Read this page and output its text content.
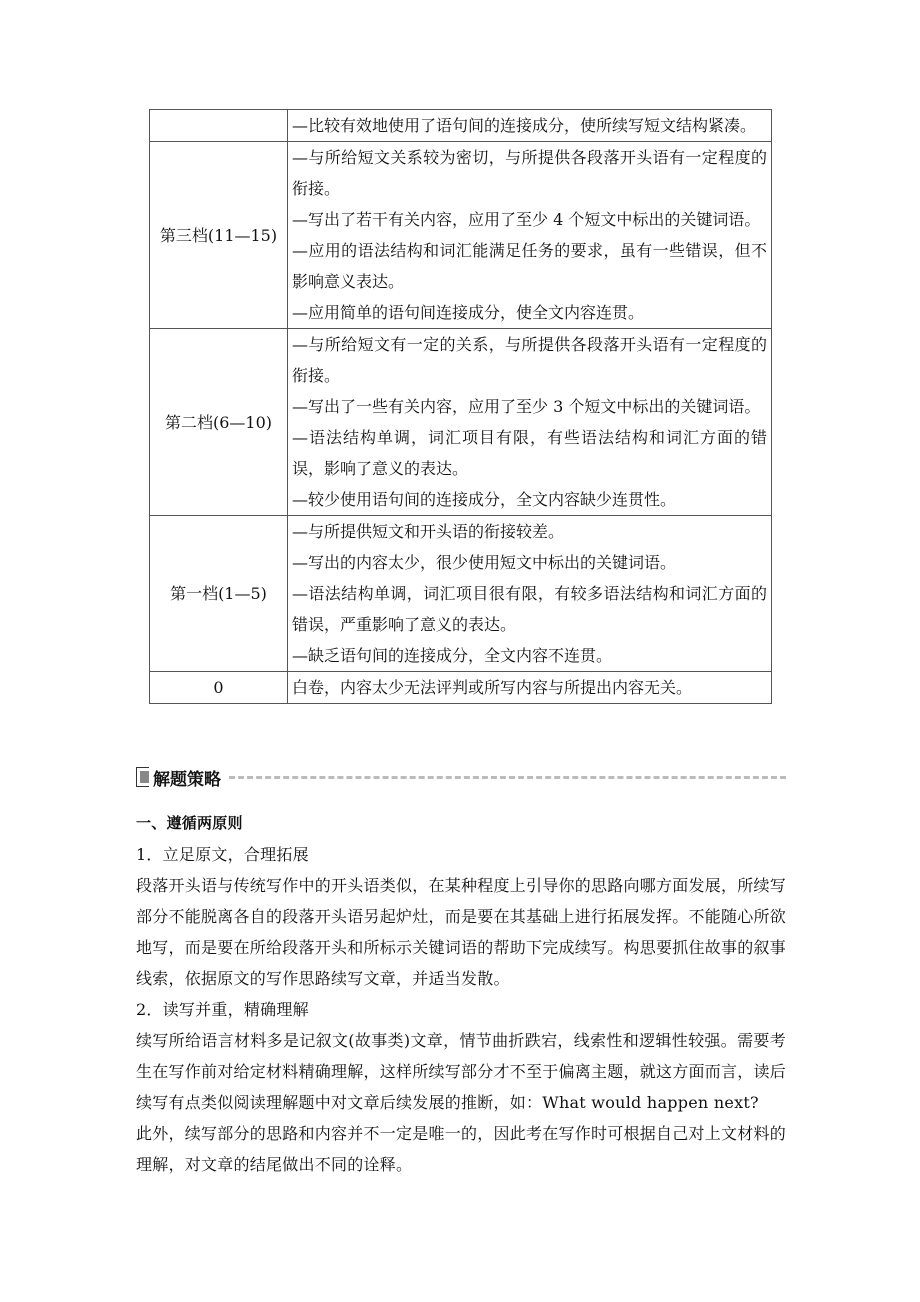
	—比较有效地使用了语句间的连接成分，使所续写短文结构紧凑。

第三档(11—15)	—与所给短文关系较为密切，与所提供各段落开头语有一定程度的衔接。
—写出了若干有关内容，应用了至少 4 个短文中标出的关键词语。
—应用的语法结构和词汇能满足任务的要求，虽有一些错误，但不影响意义表达。
—应用简单的语句间连接成分，使全文内容连贯。

第二档(6—10)	—与所给短文有一定的关系，与所提供各段落开头语有一定程度的衔接。
—写出了一些有关内容，应用了至少 3 个短文中标出的关键词语。
—语法结构单调，词汇项目有限，有些语法结构和词汇方面的错误，影响了意义的表达。
—较少使用语句间的连接成分，全文内容缺少连贯性。

第一档(1—5)	—与所提供短文和开头语的衔接较差。
—写出的内容太少，很少使用短文中标出的关键词语。
—语法结构单调，词汇项目很有限，有较多语法结构和词汇方面的错误，严重影响了意义的表达。
—缺乏语句间的连接成分，全文内容不连贯。

0	白卷，内容太少无法评判或所写内容与所提出内容无关。
解题策略

一、遵循两原则

1．立足原文，合理拓展

段落开头语与传统写作中的开头语类似，在某种程度上引导你的思路向哪方面发展，所续写部分不能脱离各自的段落开头语另起炉灶，而是要在其基础上进行拓展发挥。不能随心所欲地写，而是要在所给段落开头和所标示关键词语的帮助下完成续写。构思要抓住故事的叙事线索，依据原文的写作思路续写文章，并适当发散。

2．读写并重，精确理解

续写所给语言材料多是记叙文(故事类)文章，情节曲折跌宕，线索性和逻辑性较强。需要考生在写作前对给定材料精确理解，这样所续写部分才不至于偏离主题，就这方面而言，读后续写有点类似阅读理解题中对文章后续发展的推断，如：What would happen next?

此外，续写部分的思路和内容并不一定是唯一的，因此考在写作时可根据自己对上文材料的理解，对文章的结尾做出不同的诠释。
